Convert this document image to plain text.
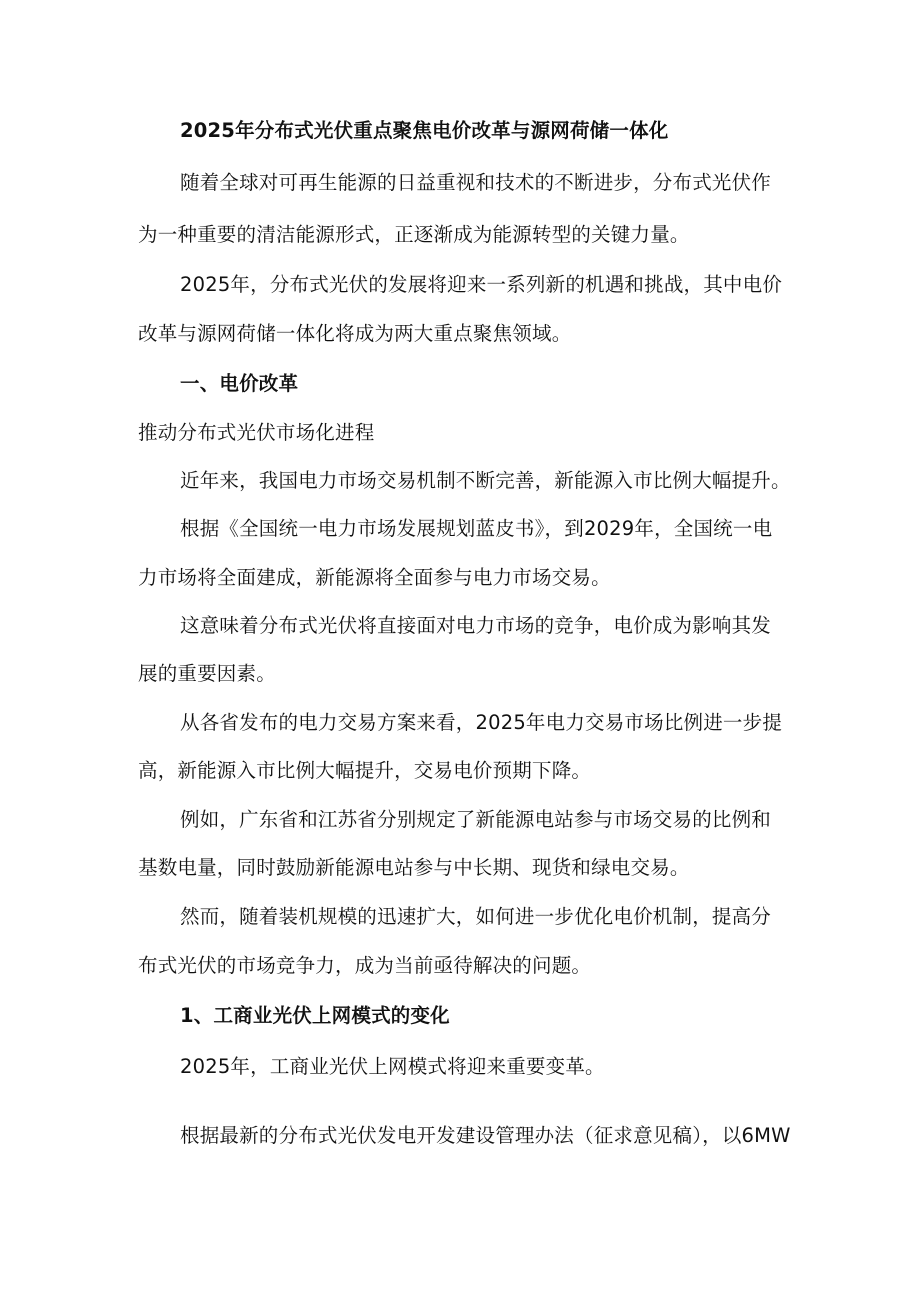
2025年分布式光伏重点聚焦电价改革与源网荷储一体化
随着全球对可再生能源的日益重视和技术的不断进步，分布式光伏作
为一种重要的清洁能源形式，正逐渐成为能源转型的关键力量。
2025年，分布式光伏的发展将迎来一系列新的机遇和挑战，其中电价
改革与源网荷储一体化将成为两大重点聚焦领域。
一、电价改革
推动分布式光伏市场化进程
近年来，我国电力市场交易机制不断完善，新能源入市比例大幅提升。
根据《全国统一电力市场发展规划蓝皮书》，到2029年，全国统一电
力市场将全面建成，新能源将全面参与电力市场交易。
这意味着分布式光伏将直接面对电力市场的竞争，电价成为影响其发
展的重要因素。
从各省发布的电力交易方案来看，2025年电力交易市场比例进一步提
高，新能源入市比例大幅提升，交易电价预期下降。
例如，广东省和江苏省分别规定了新能源电站参与市场交易的比例和
基数电量，同时鼓励新能源电站参与中长期、现货和绿电交易。
然而，随着装机规模的迅速扩大，如何进一步优化电价机制，提高分
布式光伏的市场竞争力，成为当前亟待解决的问题。
1、工商业光伏上网模式的变化
2025年，工商业光伏上网模式将迎来重要变革。
根据最新的分布式光伏发电开发建设管理办法（征求意见稿），以6MW
